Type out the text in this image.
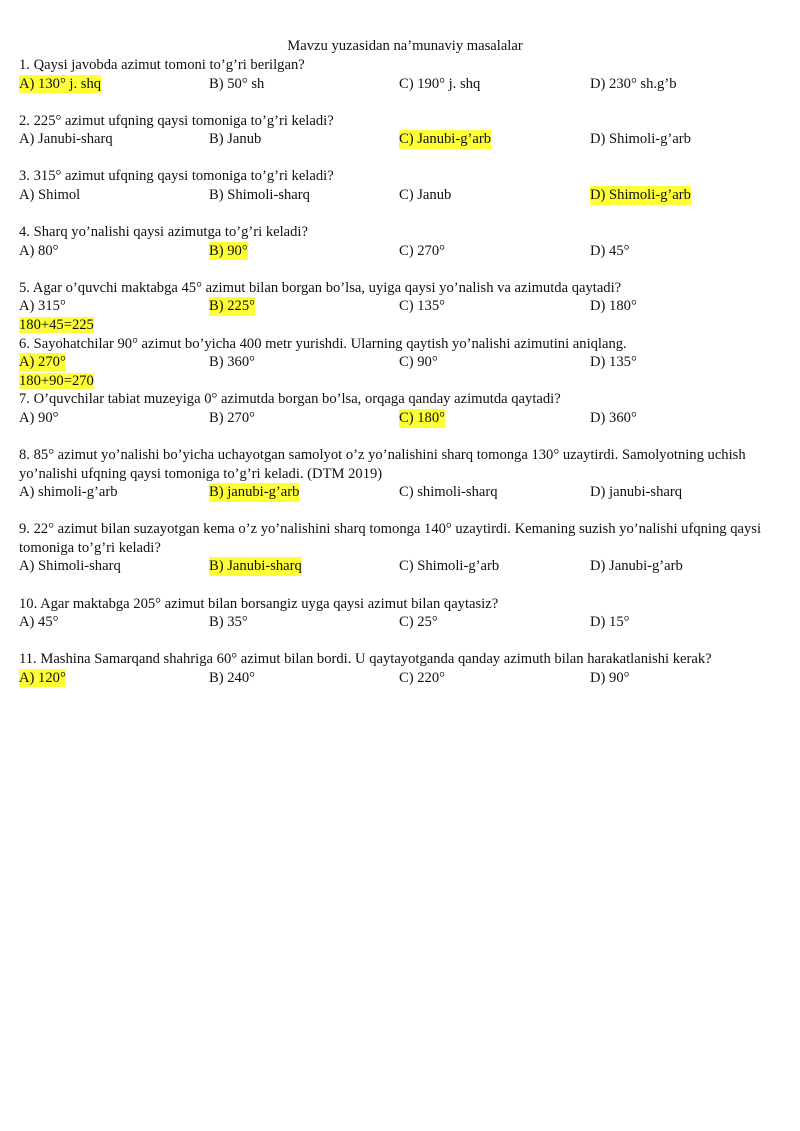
Mavzu yuzasidan na’munaviy masalalar
1. Qaysi javobda azimut tomoni to’g’ri berilgan?
A) 130° j. shq	B) 50° sh	C) 190° j. shq	D) 230° sh.g’b
2. 225° azimut ufqning qaysi tomoniga to’g’ri keladi?
A) Janubi-sharq	B) Janub	C) Janubi-g’arb	D) Shimoli-g’arb
3. 315° azimut ufqning qaysi tomoniga to’g’ri keladi?
A) Shimol	B) Shimoli-sharq	C) Janub	D) Shimoli-g’arb
4. Sharq yo’nalishi qaysi azimutga to’g’ri keladi?
A) 80°	B) 90°	C) 270°	D) 45°
5. Agar o’quvchi maktabga 45° azimut bilan borgan bo’lsa, uyiga qaysi yo’nalish va azimutda qaytadi?
A) 315°	B) 225°	C) 135°	D) 180°
180+45=225
6. Sayohatchilar 90° azimut bo’yicha 400 metr yurishdi. Ularning qaytish yo’nalishi azimutini aniqlang.
A) 270°	B) 360°	C) 90°	D) 135°
180+90=270
7. O’quvchilar tabiat muzeyiga 0° azimutda borgan bo’lsa, orqaga qanday azimutda qaytadi?
A) 90°	B) 270°	C) 180°	D) 360°
8. 85° azimut yo’nalishi bo’yicha uchayotgan samolyot o’z yo’nalishini sharq tomonga 130° uzaytirdi. Samolyotning uchish yo’nalishi ufqning qaysi tomoniga to’g’ri keladi. (DTM 2019)
A) shimoli-g’arb	B) janubi-g’arb	C) shimoli-sharq	D) janubi-sharq
9. 22° azimut bilan suzayotgan kema o’z yo’nalishini sharq tomonga 140° uzaytirdi. Kemaning suzish yo’nalishi ufqning qaysi tomoniga to’g’ri keladi?
A) Shimoli-sharq	B) Janubi-sharq	C) Shimoli-g’arb	D) Janubi-g’arb
10. Agar maktabga 205° azimut bilan borsangiz uyga qaysi azimut bilan qaytasiz?
A) 45°	B) 35°	C) 25°	D) 15°
11. Mashina Samarqand shahriga 60° azimut bilan bordi. U qaytayotganda qanday azimuth bilan harakatlanishi kerak?
A) 120°	B) 240°	C) 220°	D) 90°
